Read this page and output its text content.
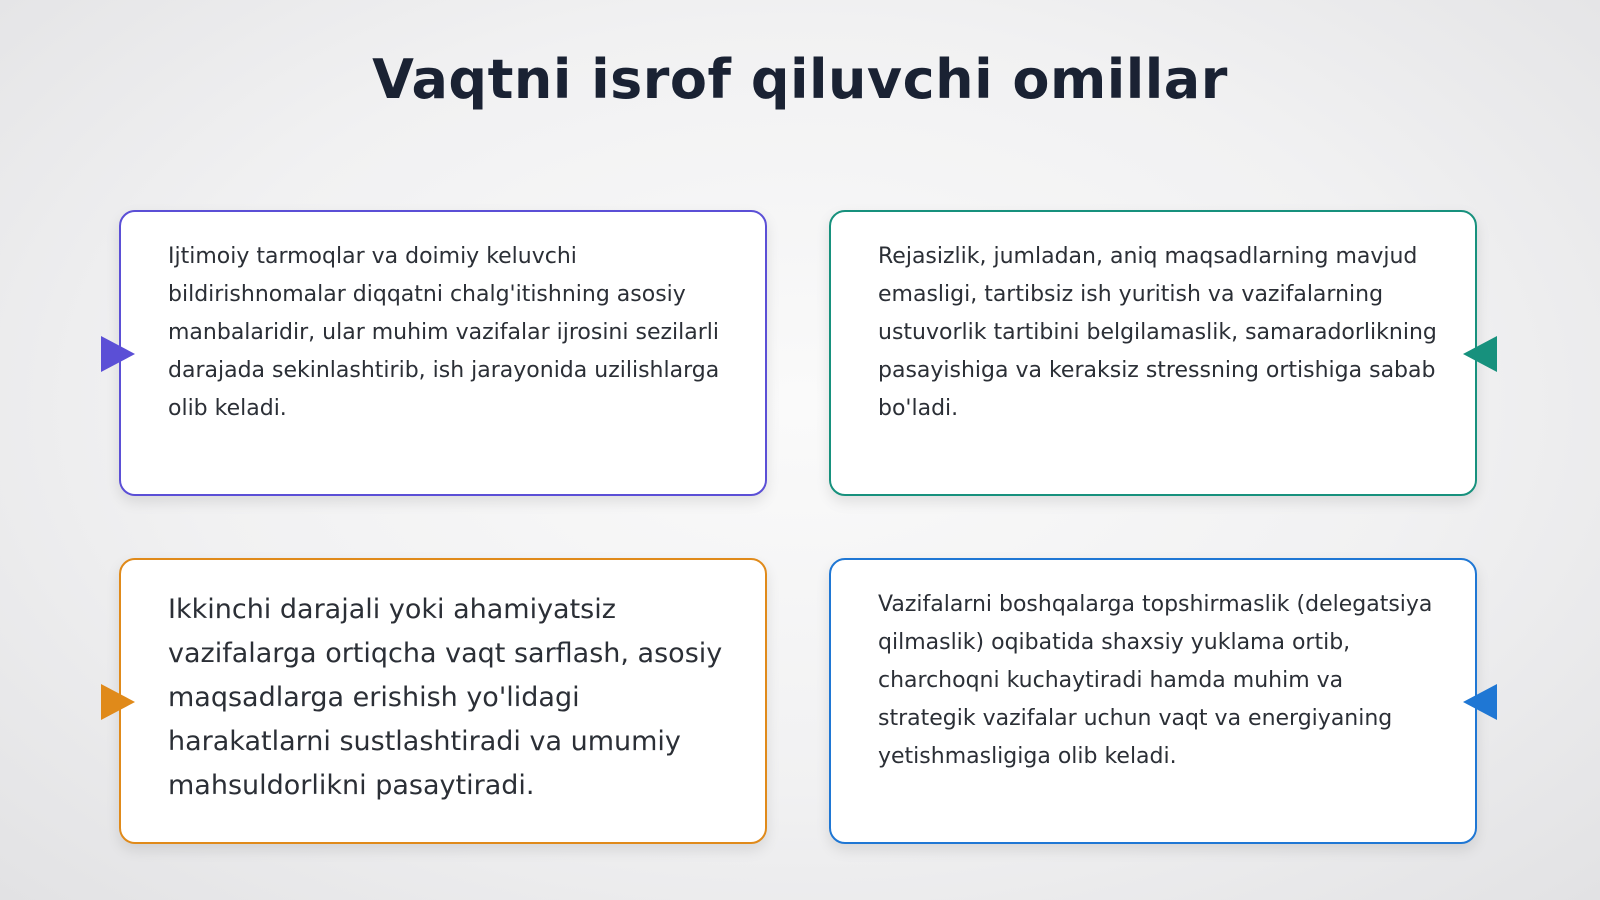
Vaqtni isrof qiluvchi omillar

Ijtimoiy tarmoqlar va doimiy keluvchi bildirishnomalar diqqatni chalg'itishning asosiy manbalaridir, ular muhim vazifalar ijrosini sezilarli darajada sekinlashtirib, ish jarayonida uzilishlarga olib keladi.

Rejasizlik, jumladan, aniq maqsadlarning mavjud emasligi, tartibsiz ish yuritish va vazifalarning ustuvorlik tartibini belgilamaslik, samaradorlikning pasayishiga va keraksiz stressning ortishiga sabab bo'ladi.

Ikkinchi darajali yoki ahamiyatsiz vazifalarga ortiqcha vaqt sarflash, asosiy maqsadlarga erishish yo'lidagi harakatlarni sustlashtiradi va umumiy mahsuldorlikni pasaytiradi.

Vazifalarni boshqalarga topshirmaslik (delegatsiya qilmaslik) oqibatida shaxsiy yuklama ortib, charchoqni kuchaytiradi hamda muhim va strategik vazifalar uchun vaqt va energiyaning yetishmasligiga olib keladi.
